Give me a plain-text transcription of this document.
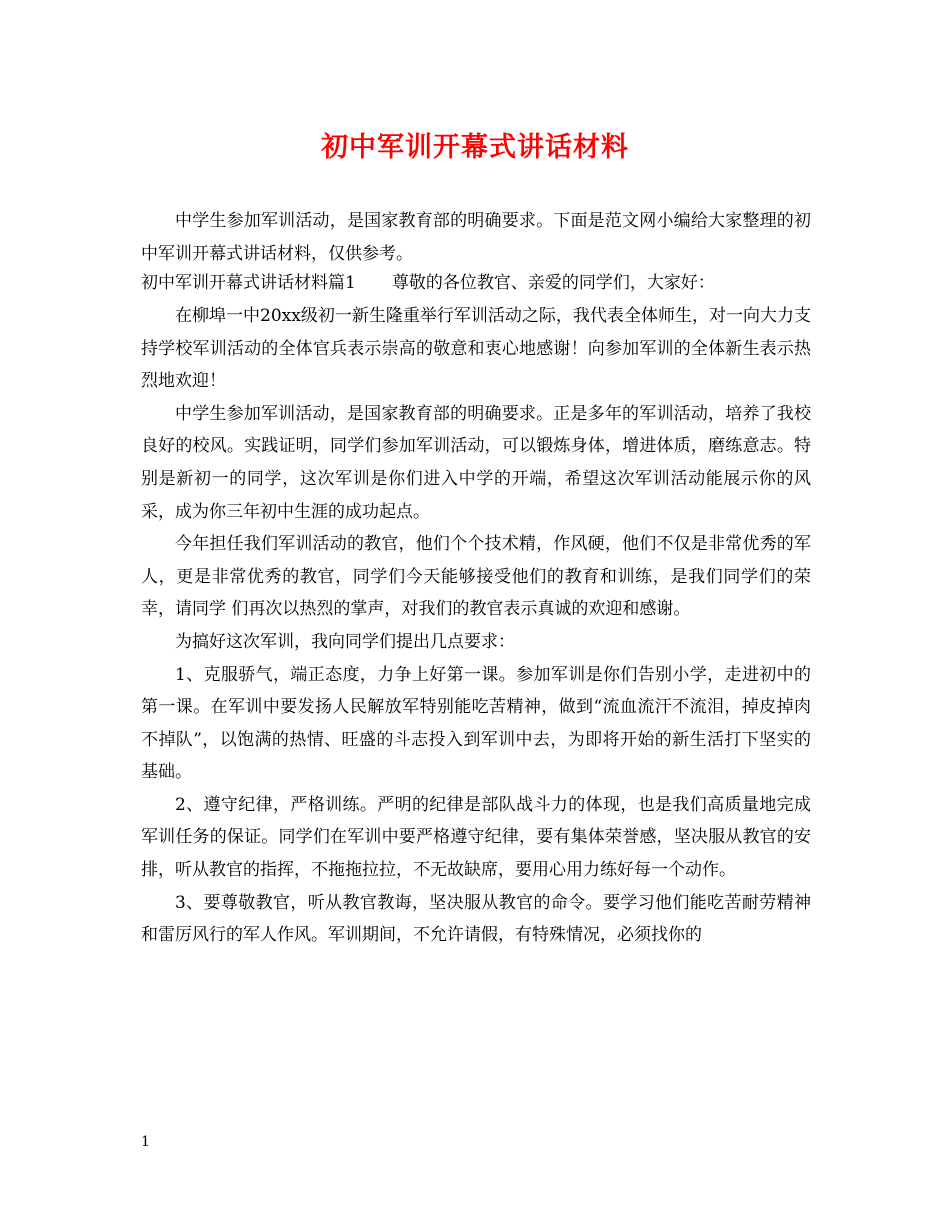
初中军训开幕式讲话材料

中学生参加军训活动，是国家教育部的明确要求。下面是范文网小编给大家整理的初中军训开幕式讲话材料，仅供参考。

初中军训开幕式讲话材料篇1 尊敬的各位教官、亲爱的同学们，大家好：

在柳埠一中20xx级初一新生隆重举行军训活动之际，我代表全体师生，对一向大力支持学校军训活动的全体官兵表示崇高的敬意和衷心地感谢！向参加军训的全体新生表示热烈地欢迎！

中学生参加军训活动，是国家教育部的明确要求。正是多年的军训活动，培养了我校良好的校风。实践证明，同学们参加军训活动，可以锻炼身体，增进体质，磨练意志。特别是新初一的同学，这次军训是你们进入中学的开端，希望这次军训活动能展示你的风采，成为你三年初中生涯的成功起点。

今年担任我们军训活动的教官，他们个个技术精，作风硬，他们不仅是非常优秀的军人，更是非常优秀的教官，同学们今天能够接受他们的教育和训练，是我们同学们的荣幸，请同学 们再次以热烈的掌声，对我们的教官表示真诚的欢迎和感谢。

为搞好这次军训，我向同学们提出几点要求：

1、克服骄气，端正态度，力争上好第一课。参加军训是你们告别小学，走进初中的第一课。在军训中要发扬人民解放军特别能吃苦精神，做到“流血流汗不流泪，掉皮掉肉不掉队”，以饱满的热情、旺盛的斗志投入到军训中去，为即将开始的新生活打下坚实的基础。

2、遵守纪律，严格训练。严明的纪律是部队战斗力的体现，也是我们高质量地完成军训任务的保证。同学们在军训中要严格遵守纪律，要有集体荣誉感，坚决服从教官的安排，听从教官的指挥，不拖拖拉拉，不无故缺席，要用心用力练好每一个动作。

3、要尊敬教官，听从教官教诲，坚决服从教官的命令。要学习他们能吃苦耐劳精神和雷厉风行的军人作风。军训期间，不允许请假，有特殊情况，必须找你的

1
